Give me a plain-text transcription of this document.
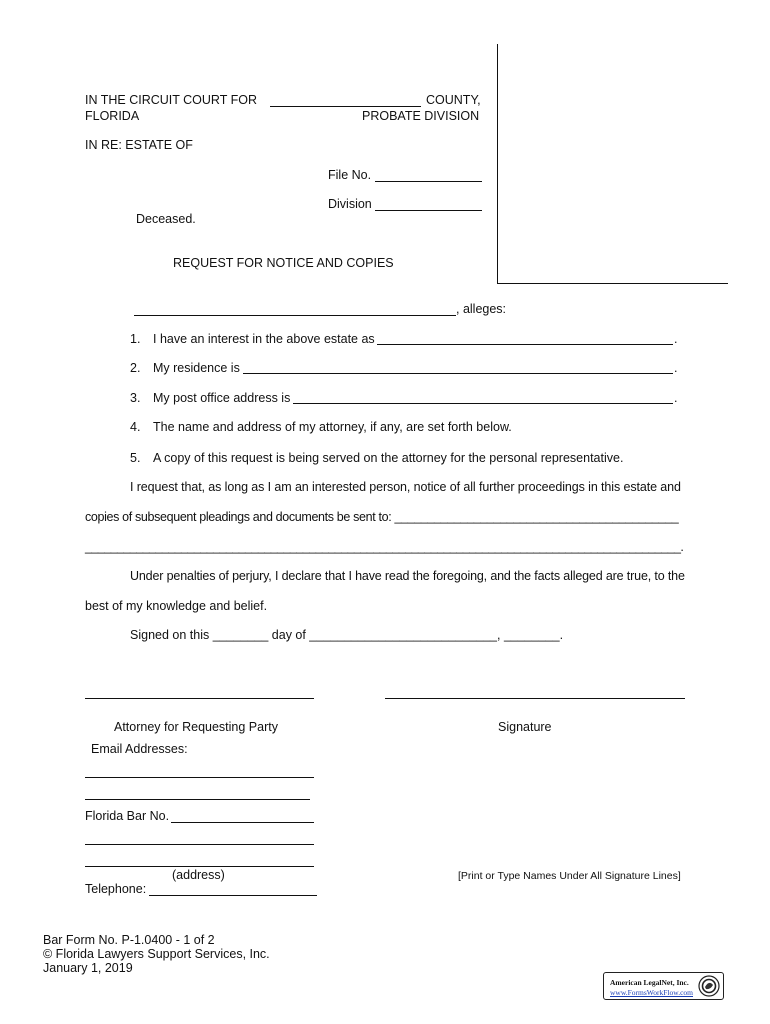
IN THE CIRCUIT COURT FOR	COUNTY,
FLORIDA	PROBATE DIVISION
IN RE: ESTATE OF
File No.
Division
Deceased.
REQUEST FOR NOTICE AND COPIES
, alleges:
1. I have an interest in the above estate as	.
2. My residence is	.
3. My post office address is	.
4. The name and address of my attorney, if any, are set forth below.
5. A copy of this request is being served on the attorney for the personal representative.
I request that, as long as I am an interested person, notice of all further proceedings in this estate and
copies of subsequent pleadings and documents be sent to: ___________________________________________
_____________________________________________________________________________________________.
Under penalties of perjury, I declare that I have read the foregoing, and the facts alleged are true, to the
best of my knowledge and belief.
Signed on this ________ day of ___________________________, ________.
Attorney for Requesting Party	Signature
Email Addresses:
Florida Bar No.
(address)	[Print or Type Names Under All Signature Lines]
Telephone:
Bar Form No. P-1.0400 - 1 of 2
© Florida Lawyers Support Services, Inc.
January 1, 2019
American LegalNet, Inc.
www.FormsWorkFlow.com
